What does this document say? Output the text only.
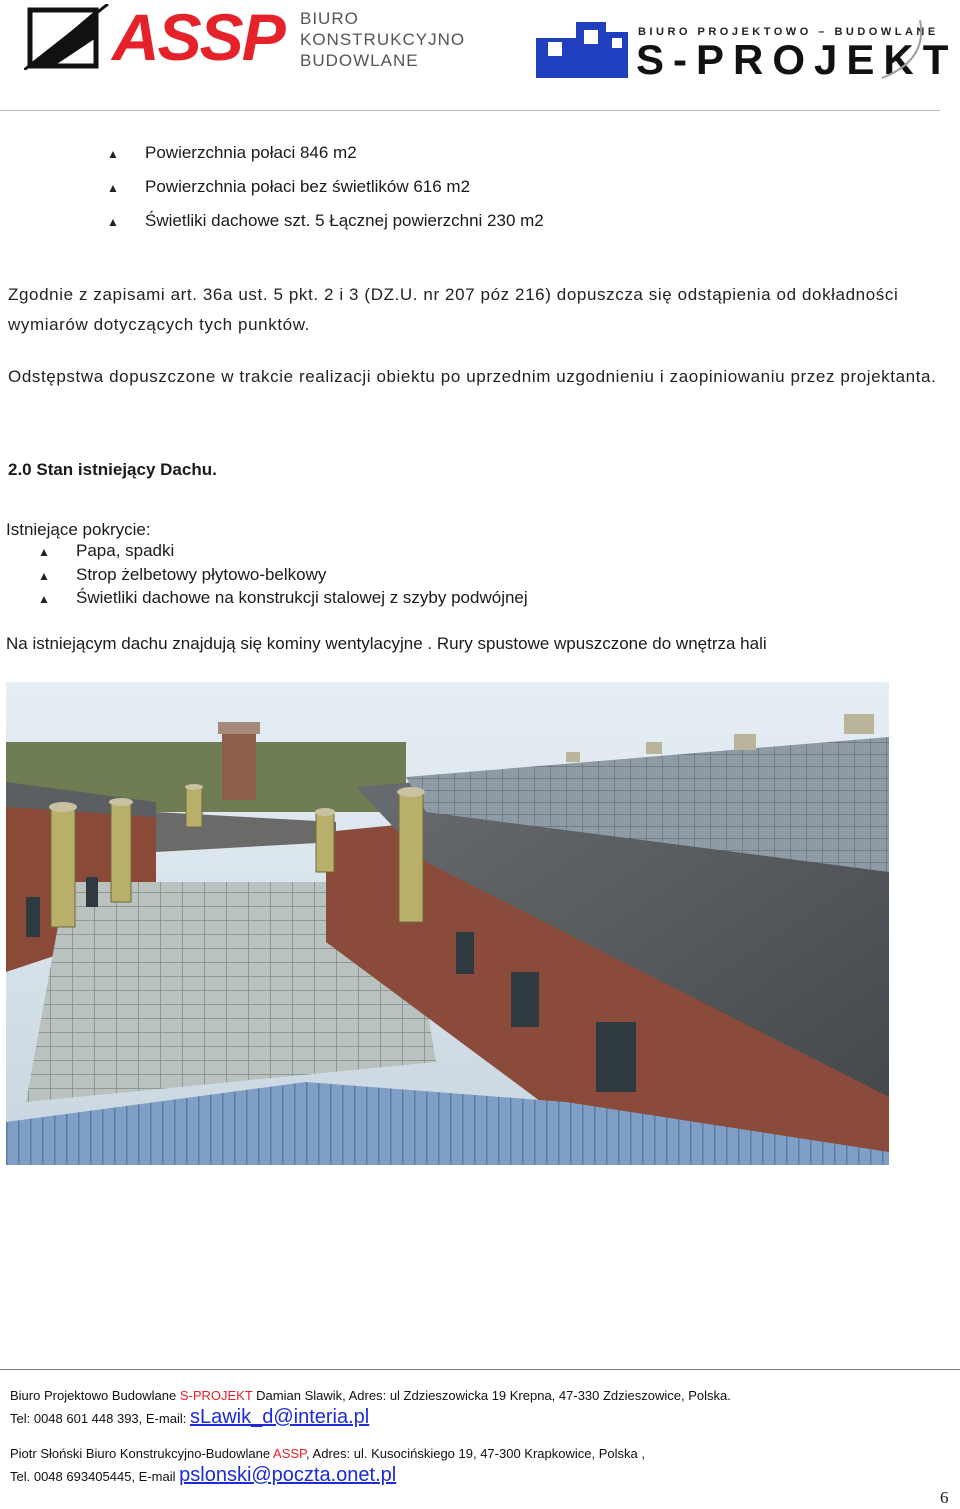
ASSP BIURO
KONSTRUKCYJNO
BUDOWLANE
BIURO PROJEKTOWO – BUDOWLANE
S-PROJEKT
▲ Powierzchnia połaci 846 m2
▲ Powierzchnia połaci bez świetlików 616 m2
▲ Świetliki dachowe szt. 5 Łącznej powierzchni 230 m2
Zgodnie z zapisami art. 36a ust. 5 pkt. 2 i 3 (DZ.U. nr 207 póz 216) dopuszcza się odstąpienia od dokładności wymiarów dotyczących tych punktów.
Odstępstwa dopuszczone w trakcie realizacji obiektu po uprzednim uzgodnieniu i zaopiniowaniu przez projektanta.
2.0 Stan istniejący Dachu.
Istniejące pokrycie:
▲ Papa, spadki
▲ Strop żelbetowy płytowo-belkowy
▲ Świetliki dachowe na konstrukcji stalowej z szyby podwójnej
Na istniejącym dachu znajdują się kominy wentylacyjne . Rury spustowe wpuszczone do wnętrza hali
Biuro Projektowo Budowlane S-PROJEKT Damian Slawik, Adres: ul Zdzieszowicka 19 Krepna, 47-330 Zdzieszowice, Polska.
Tel: 0048 601 448 393, E-mail: sLawik_d@interia.pl
Piotr Słoński Biuro Konstrukcyjno-Budowlane ASSP, Adres: ul. Kusocińskiego 19, 47-300 Krapkowice, Polska ,
Tel. 0048 693405445, E-mail pslonski@poczta.onet.pl
6
